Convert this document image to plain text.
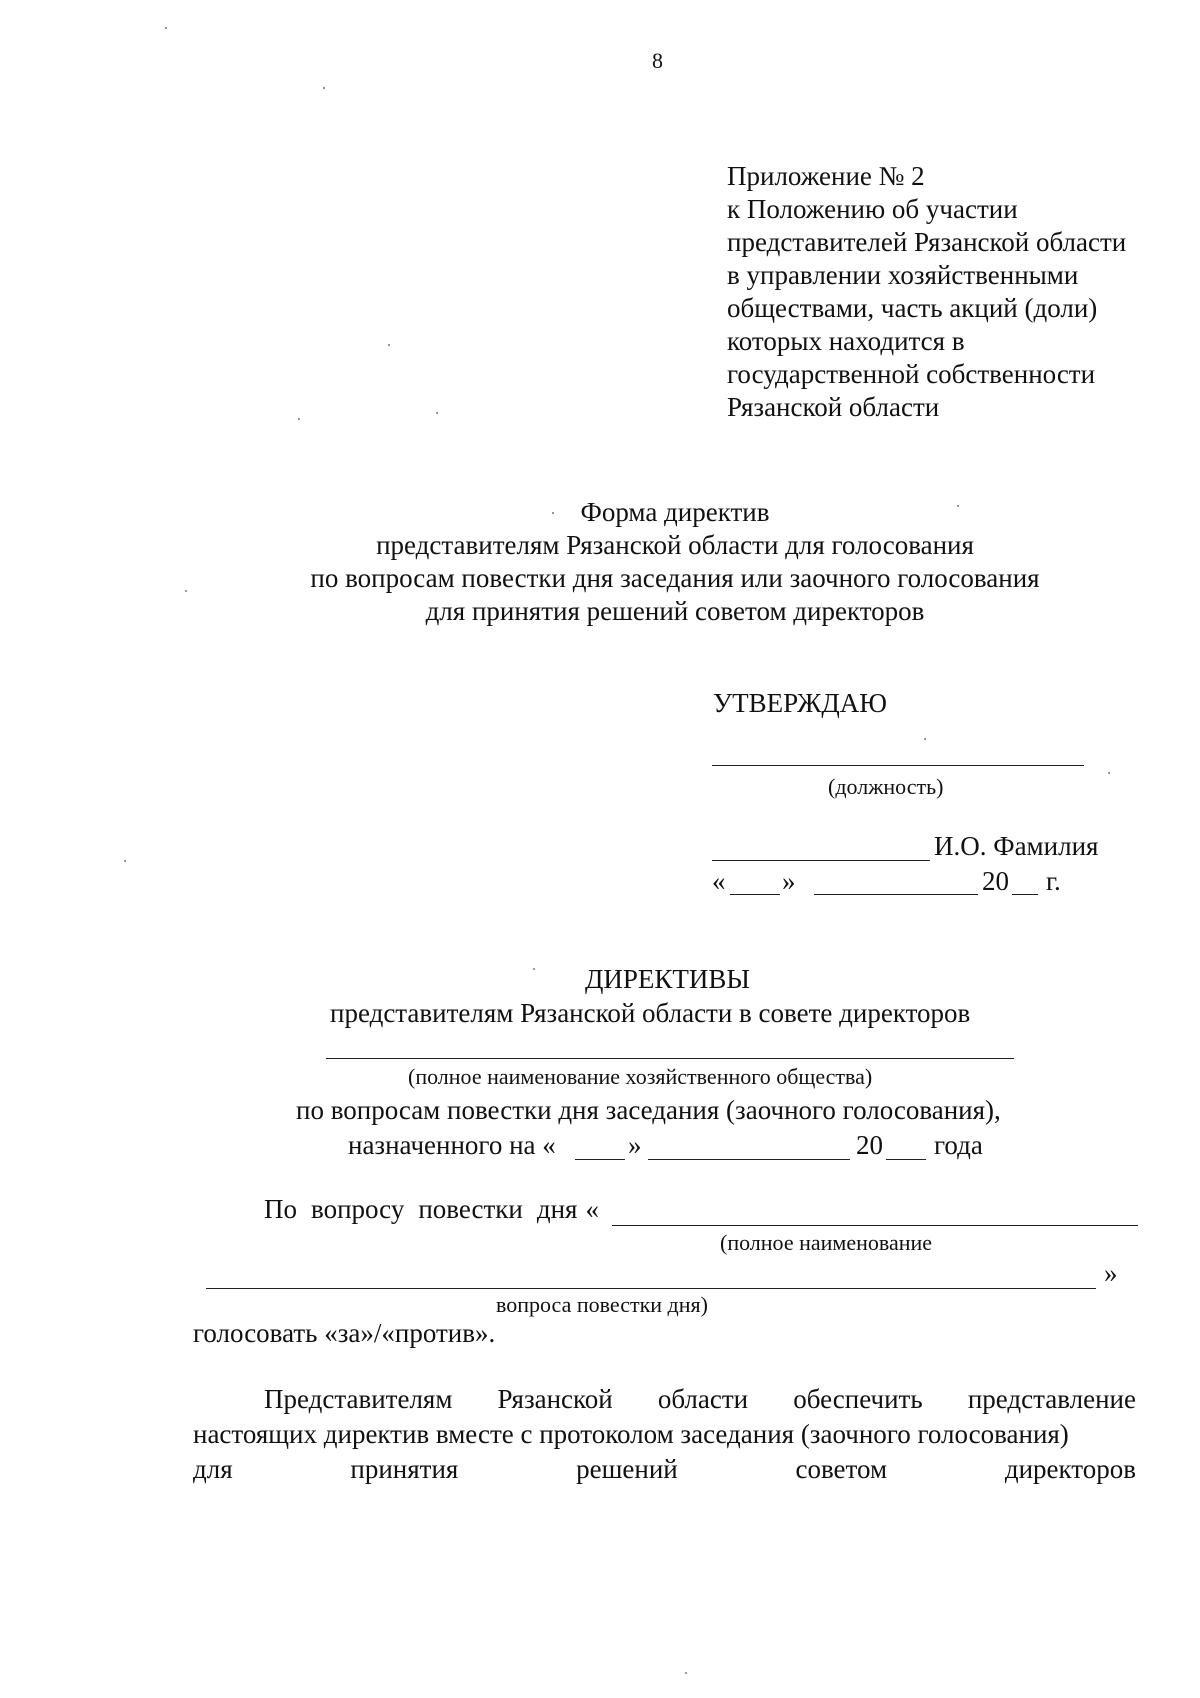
8
Приложение № 2
к Положению об участии
представителей Рязанской области
в управлении хозяйственными
обществами, часть акций (доли)
которых находится в
государственной собственности
Рязанской области
Форма директив
представителям Рязанской области для голосования
по вопросам повестки дня заседания или заочного голосования
для принятия решений советом директоров
УТВЕРЖДАЮ
(должность)
И.О. Фамилия
« »	20 г.
ДИРЕКТИВЫ
представителям Рязанской области в совете директоров
(полное наименование хозяйственного общества)
по вопросам повестки дня заседания (заочного голосования),
назначенного на «	»	20 года
По вопросу повестки дня «
(полное наименование
»
вопроса повестки дня)
голосовать «за»/«против».
Представителям Рязанской области обеспечить представление
настоящих директив вместе с протоколом заседания (заочного голосования)
для	принятия	решений	советом	директоров
